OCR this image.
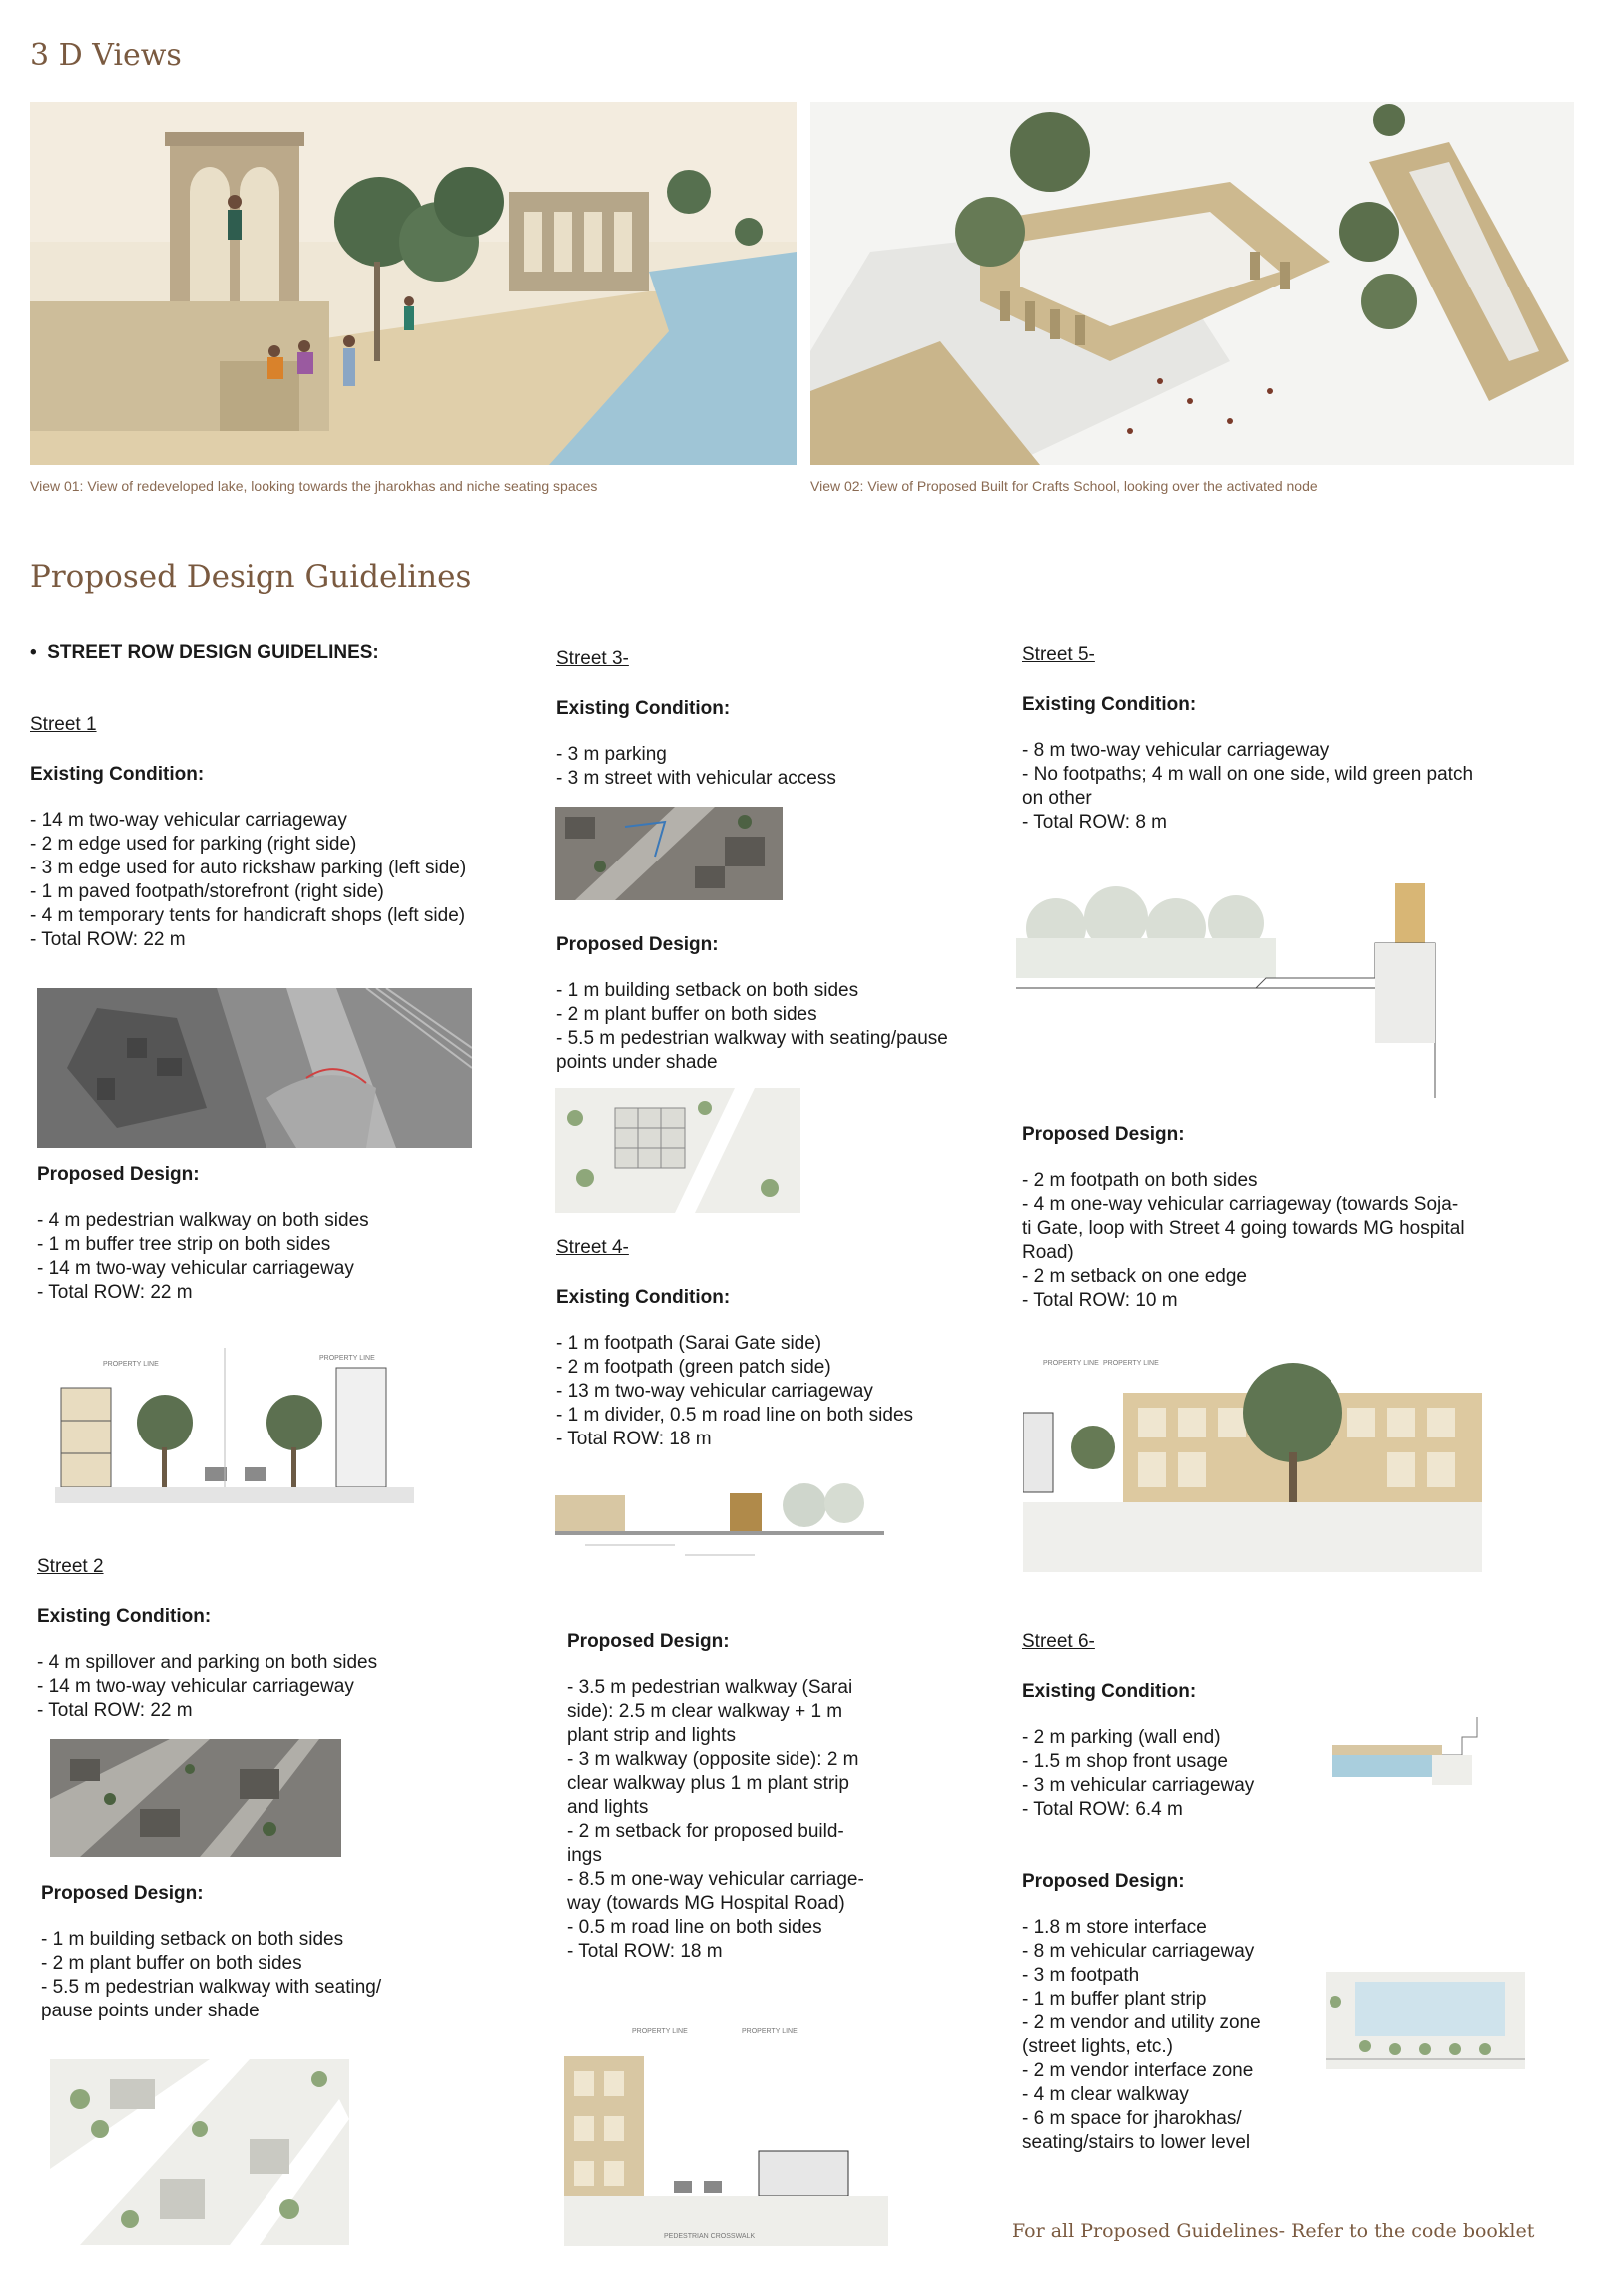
3 D Views
View 01: View of redeveloped lake, looking towards the jharokhas and niche seating spaces	View 02: View of Proposed Built for Crafts School, looking over the activated node
Proposed Design Guidelines
•  STREET ROW DESIGN GUIDELINES:
Street 1
Existing Condition:
- 14 m two-way vehicular carriageway
- 2 m edge used for parking (right side)
- 3 m edge used for auto rickshaw parking (left side)
- 1 m paved footpath/storefront (right side)
- 4 m temporary tents for handicraft shops (left side)
- Total ROW: 22 m
Proposed Design:
- 4 m pedestrian walkway on both sides
- 1 m buffer tree strip on both sides
- 14 m two-way vehicular carriageway
- Total ROW: 22 m
PROPERTY LINE
PROPERTY LINE
Street 2
Existing Condition:
- 4 m spillover and parking on both sides
- 14 m two-way vehicular carriageway
- Total ROW: 22 m
Proposed Design:
- 1 m building setback on both sides
- 2 m plant buffer on both sides
- 5.5 m pedestrian walkway with seating/
pause points under shade
Street 3-
Existing Condition:
- 3 m parking
- 3 m street with vehicular access
Proposed Design:
- 1 m building setback on both sides
- 2 m plant buffer on both sides
- 5.5 m pedestrian walkway with seating/pause
points under shade
Street 4-
Existing Condition:
- 1 m footpath (Sarai Gate side)
- 2 m footpath (green patch side)
- 13 m two-way vehicular carriageway
- 1 m divider, 0.5 m road line on both sides
- Total ROW: 18 m
Proposed Design:
- 3.5 m pedestrian walkway (Sarai
side): 2.5 m clear walkway + 1 m
plant strip and lights
- 3 m walkway (opposite side): 2 m
clear walkway plus 1 m plant strip
and lights
- 2 m setback for proposed build-
ings
- 8.5 m one-way vehicular carriage-
way (towards MG Hospital Road)
- 0.5 m road line on both sides
- Total ROW: 18 m
PROPERTY LINE	PROPERTY LINE
PEDESTRIAN CROSSWALK
Street 5-
Existing Condition:
- 8 m two-way vehicular carriageway
- No footpaths; 4 m wall on one side, wild green patch
on other
- Total ROW: 8 m
Proposed Design:
- 2 m footpath on both sides
- 4 m one-way vehicular carriageway (towards Soja-
ti Gate, loop with Street 4 going towards MG hospital
Road)
- 2 m setback on one edge
- Total ROW: 10 m
PROPERTY LINE PROPERTY LINE
Street 6-
Existing Condition:
- 2 m parking (wall end)
- 1.5 m shop front usage
- 3 m vehicular carriageway
- Total ROW: 6.4 m
Proposed Design:
- 1.8 m store interface
- 8 m vehicular carriageway
- 3 m footpath
- 1 m buffer plant strip
- 2 m vendor and utility zone
(street lights, etc.)
- 2 m vendor interface zone
- 4 m clear walkway
- 6 m space for jharokhas/
seating/stairs to lower level
For all Proposed Guidelines- Refer to the code booklet
